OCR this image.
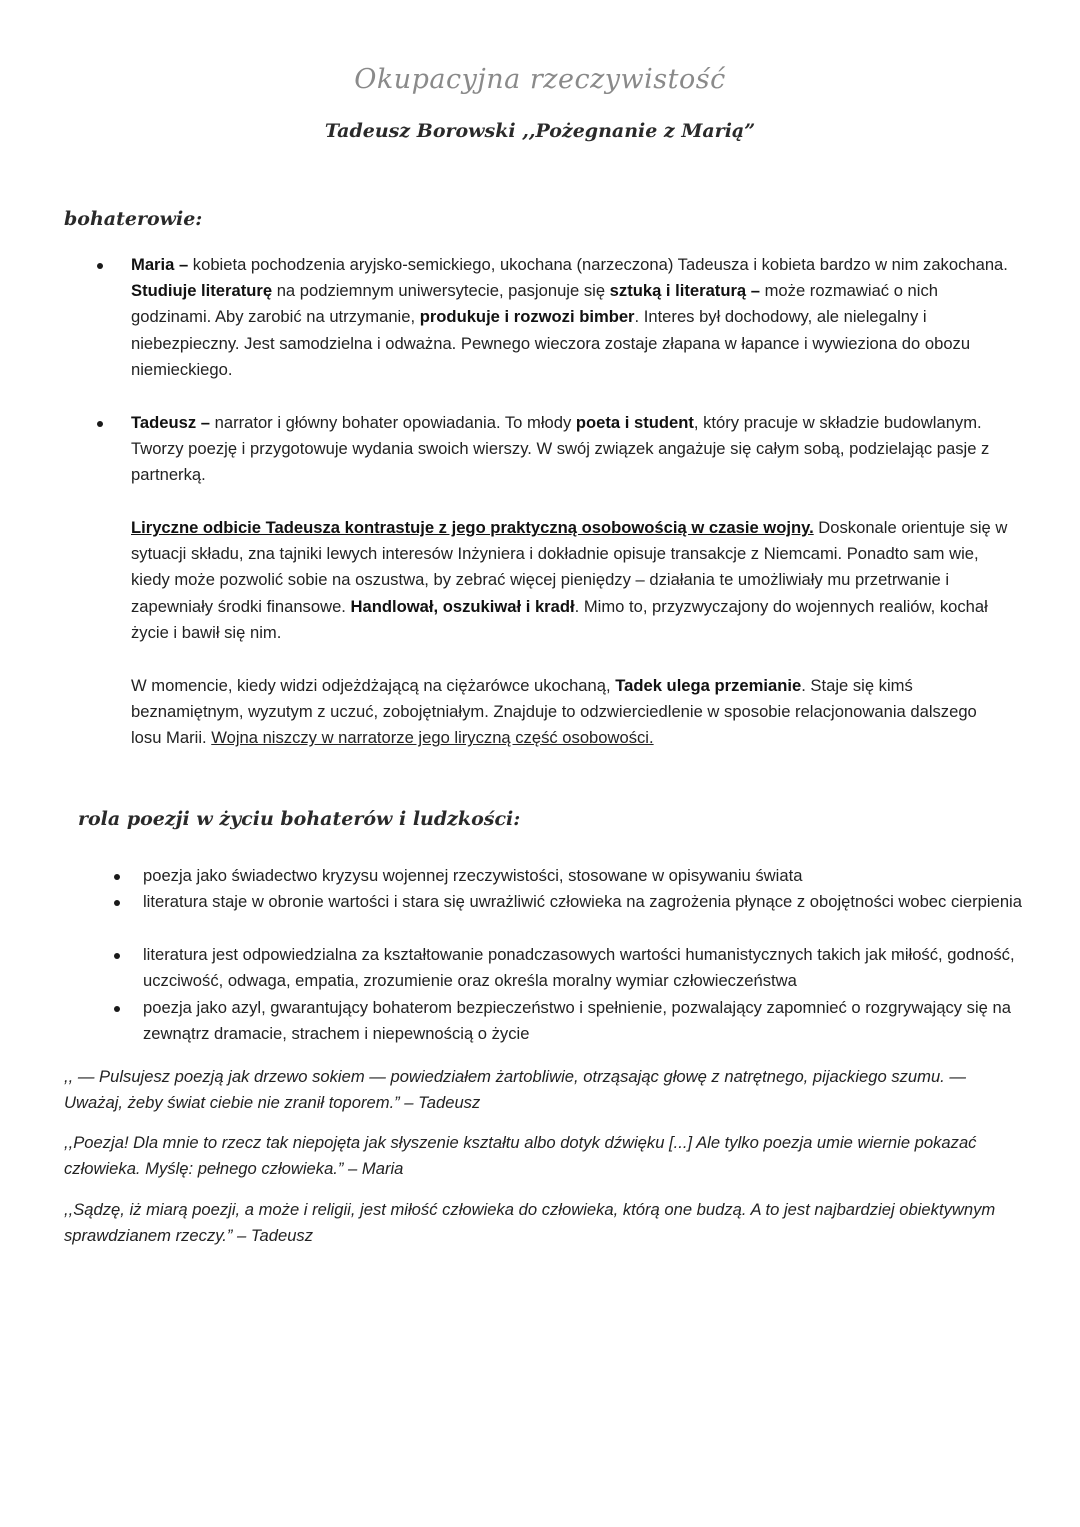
Okupacyjna rzeczywistość
Tadeusz Borowski ,,Pożegnanie z Marią”
bohaterowie:
Maria – kobieta pochodzenia aryjsko-semickiego, ukochana (narzeczona) Tadeusza i kobieta bardzo w nim zakochana. Studiuje literaturę na podziemnym uniwersytecie, pasjonuje się sztuką i literaturą – może rozmawiać o nich godzinami. Aby zarobić na utrzymanie, produkuje i rozwozi bimber. Interes był dochodowy, ale nielegalny i niebezpieczny. Jest samodzielna i odważna. Pewnego wieczora zostaje złapana w łapance i wywieziona do obozu niemieckiego.
Tadeusz – narrator i główny bohater opowiadania. To młody poeta i student, który pracuje w składzie budowlanym. Tworzy poezję i przygotowuje wydania swoich wierszy. W swój związek angażuje się całym sobą, podzielając pasje z partnerką.
Liryczne odbicie Tadeusza kontrastuje z jego praktyczną osobowością w czasie wojny. Doskonale orientuje się w sytuacji składu, zna tajniki lewych interesów Inżyniera i dokładnie opisuje transakcje z Niemcami. Ponadto sam wie, kiedy może pozwolić sobie na oszustwa, by zebrać więcej pieniędzy – działania te umożliwiały mu przetrwanie i zapewniały środki finansowe. Handlował, oszukiwał i kradł. Mimo to, przyzwyczajony do wojennych realiów, kochał życie i bawił się nim.
W momencie, kiedy widzi odjeżdżającą na ciężarówce ukochaną, Tadek ulega przemianie. Staje się kimś beznamiętnym, wyzutym z uczuć, zobojętniałym. Znajduje to odzwierciedlenie w sposobie relacjonowania dalszego losu Marii. Wojna niszczy w narratorze jego liryczną część osobowości.
rola poezji w życiu bohaterów i ludzkości:
poezja jako świadectwo kryzysu wojennej rzeczywistości, stosowane w opisywaniu świata
literatura staje w obronie wartości i stara się uwrażliwić człowieka na zagrożenia płynące z obojętności wobec cierpienia
literatura jest odpowiedzialna za kształtowanie ponadczasowych wartości humanistycznych takich jak miłość, godność, uczciwość, odwaga, empatia, zrozumienie oraz określa moralny wymiar człowieczeństwa
poezja jako azyl, gwarantujący bohaterom bezpieczeństwo i spełnienie, pozwalający zapomnieć o rozgrywający się na zewnątrz dramacie, strachem i niepewnością o życie
,, — Pulsujesz poezją jak drzewo sokiem — powiedziałem żartobliwie, otrząsając głowę z natrętnego, pijackiego szumu. — Uważaj, żeby świat ciebie nie zranił toporem.” – Tadeusz
,,Poezja! Dla mnie to rzecz tak niepojęta jak słyszenie kształtu albo dotyk dźwięku [...] Ale tylko poezja umie wiernie pokazać człowieka. Myślę: pełnego człowieka.” – Maria
,,Sądzę, iż miarą poezji, a może i religii, jest miłość człowieka do człowieka, którą one budzą. A to jest najbardziej obiektywnym sprawdzianem rzeczy.” – Tadeusz
